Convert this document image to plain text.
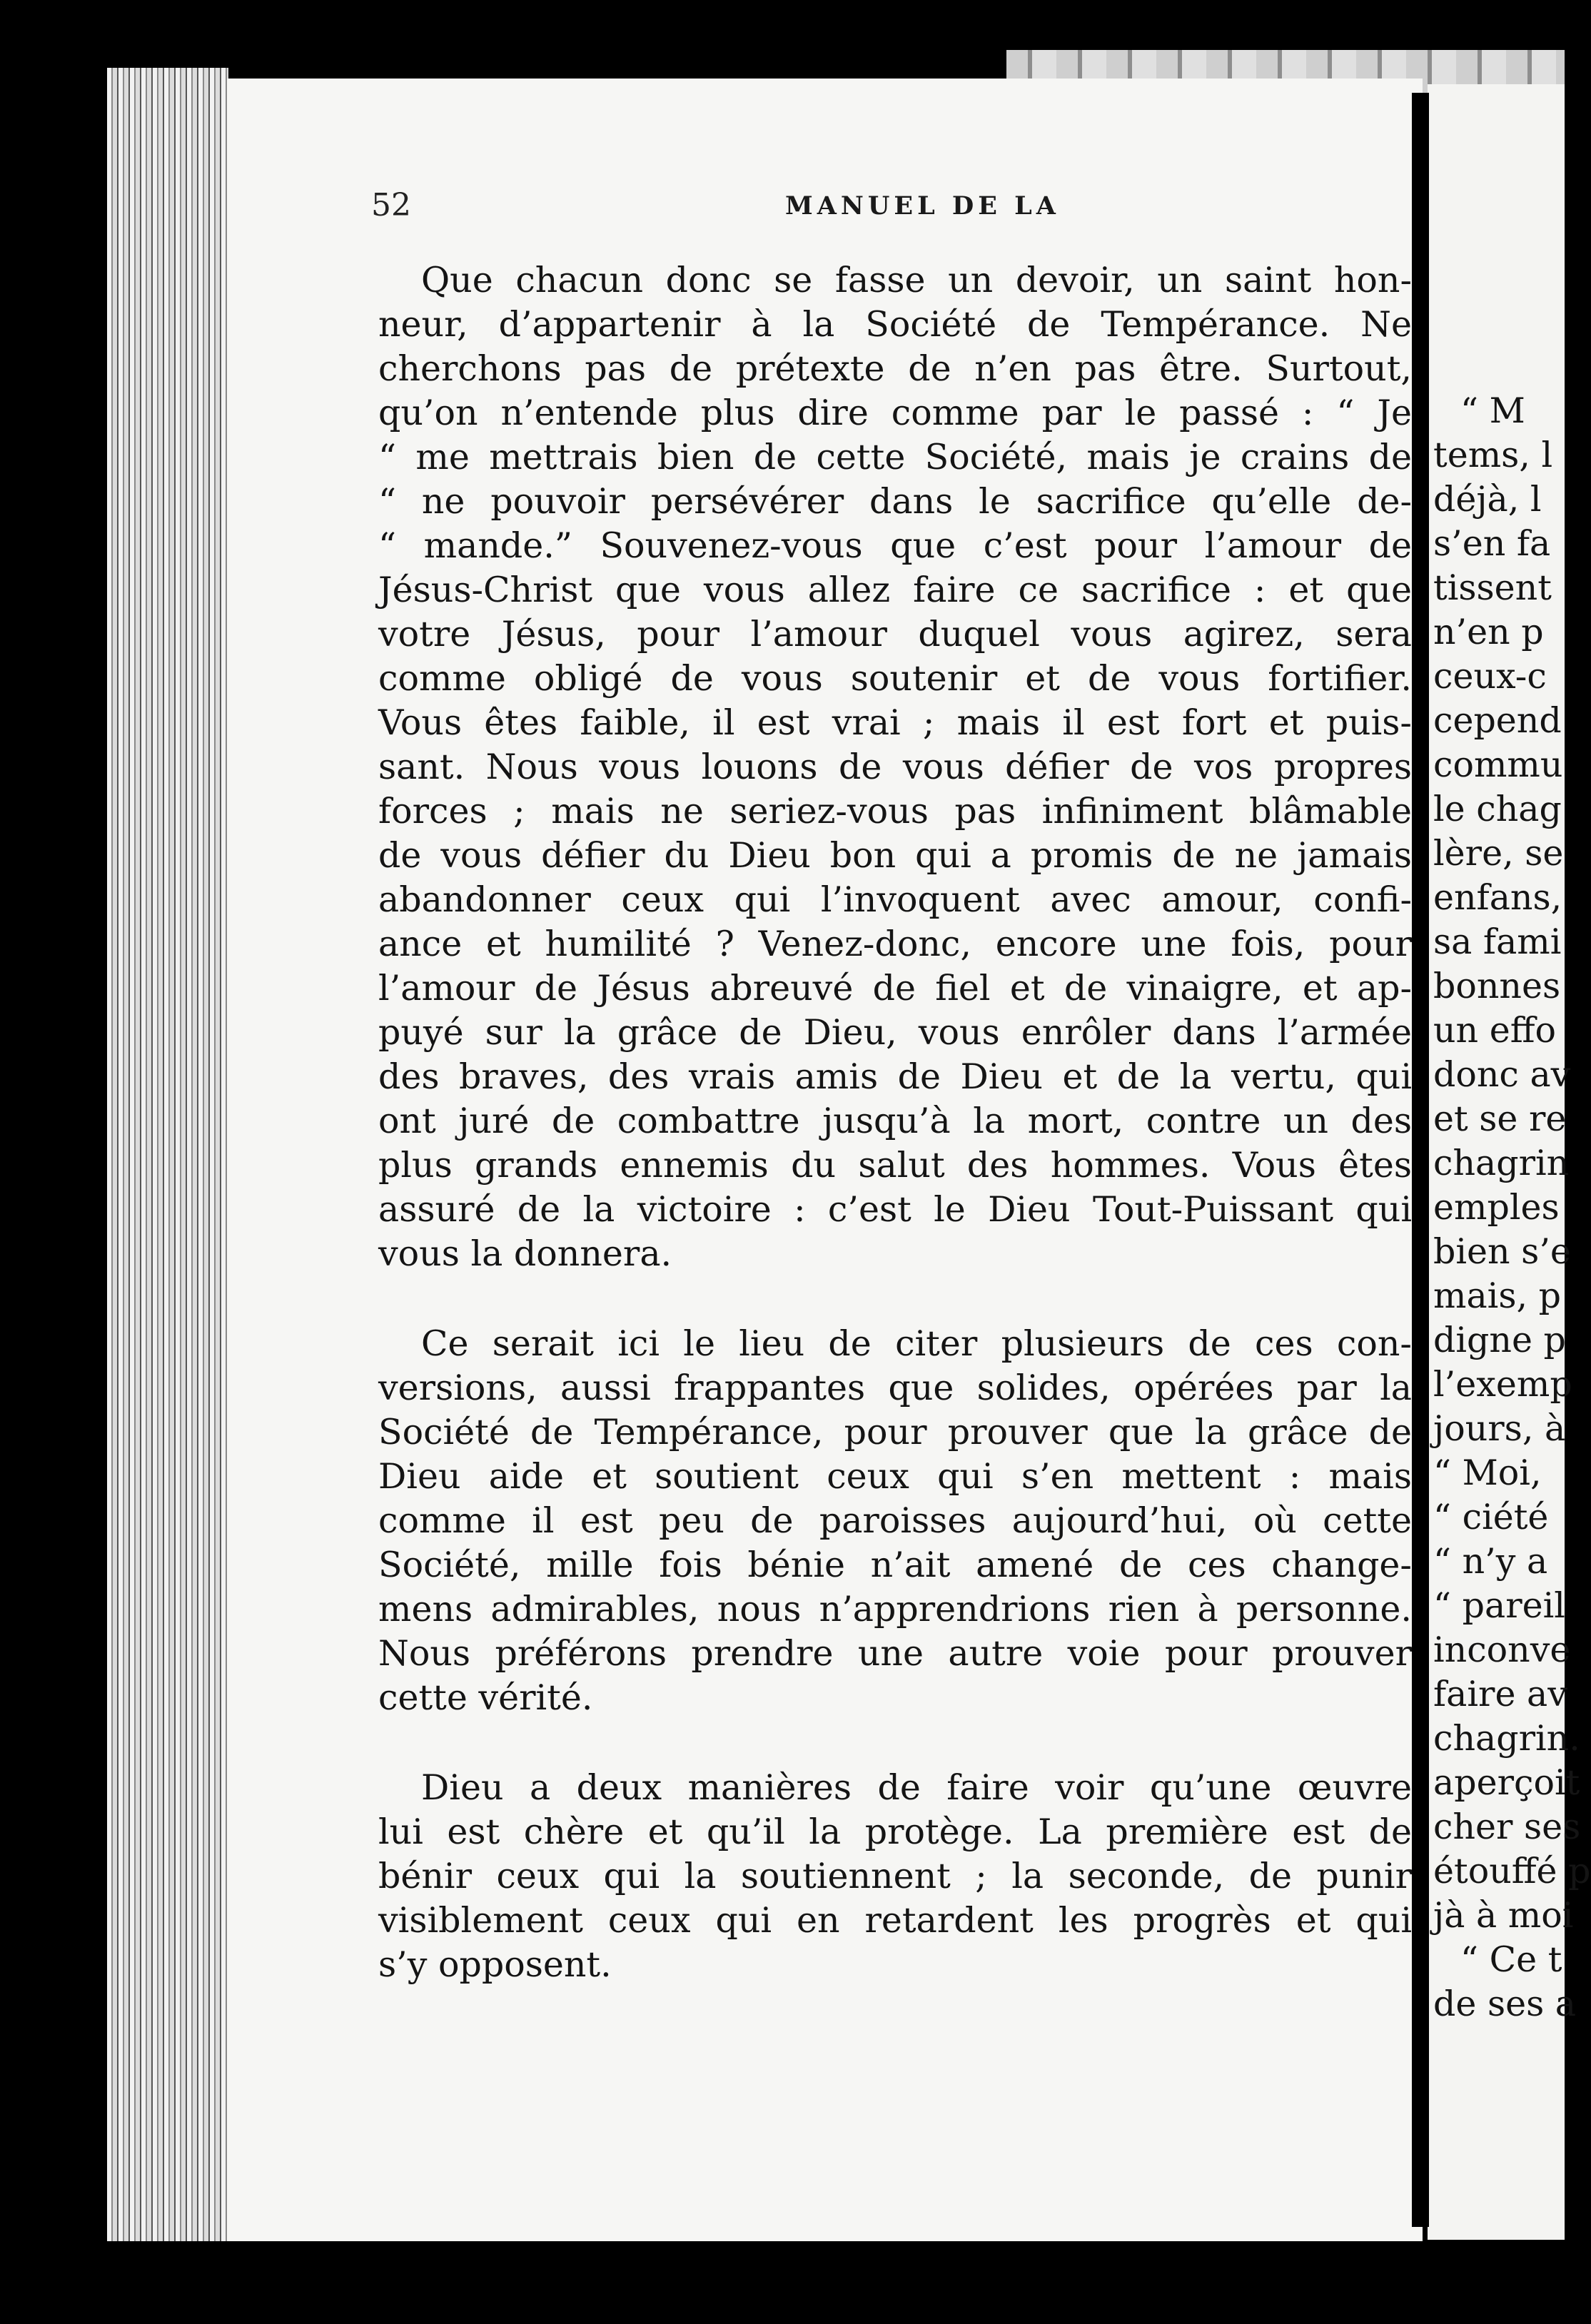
52	MANUEL DE LA

Que chacun donc se fasse un devoir, un saint hon-
neur, d’appartenir à la Société de Tempérance. Ne
cherchons pas de prétexte de n’en pas être. Surtout,
qu’on n’entende plus dire comme par le passé : “ Je
“ me mettrais bien de cette Société, mais je crains de
“ ne pouvoir persévérer dans le sacrifice qu’elle de-
“ mande.” Souvenez-vous que c’est pour l’amour de
Jésus-Christ que vous allez faire ce sacrifice : et que
votre Jésus, pour l’amour duquel vous agirez, sera
comme obligé de vous soutenir et de vous fortifier.
Vous êtes faible, il est vrai ; mais il est fort et puis-
sant. Nous vous louons de vous défier de vos propres
forces ; mais ne seriez-vous pas infiniment blâmable
de vous défier du Dieu bon qui a promis de ne jamais
abandonner ceux qui l’invoquent avec amour, confi-
ance et humilité ? Venez-donc, encore une fois, pour
l’amour de Jésus abreuvé de fiel et de vinaigre, et ap-
puyé sur la grâce de Dieu, vous enrôler dans l’armée
des braves, des vrais amis de Dieu et de la vertu, qui
ont juré de combattre jusqu’à la mort, contre un des
plus grands ennemis du salut des hommes. Vous êtes
assuré de la victoire : c’est le Dieu Tout-Puissant qui
vous la donnera.

Ce serait ici le lieu de citer plusieurs de ces con-
versions, aussi frappantes que solides, opérées par la
Société de Tempérance, pour prouver que la grâce de
Dieu aide et soutient ceux qui s’en mettent : mais
comme il est peu de paroisses aujourd’hui, où cette
Société, mille fois bénie n’ait amené de ces change-
mens admirables, nous n’apprendrions rien à personne.
Nous préférons prendre une autre voie pour prouver
cette vérité.

Dieu a deux manières de faire voir qu’une œuvre
lui est chère et qu’il la protège. La première est de
bénir ceux qui la soutiennent ; la seconde, de punir
visiblement ceux qui en retardent les progrès et qui
s’y opposent.

“ M
tems, l
déjà, l
s’en fa
tissent
n’en p
ceux-c
cepend
commu
le chag
lère, se
enfans,
sa fami
bonnes
un effo
donc av
et se re
chagrin
emples
bien s’e
mais, p
digne p
l’exemp
jours, à
“ Moi,
“ ciété
“ n’y a
“ pareil
inconve
faire av
chagrin.
aperçoit
cher ses
étouffé p
jà à moi
“ Ce t
de ses a
